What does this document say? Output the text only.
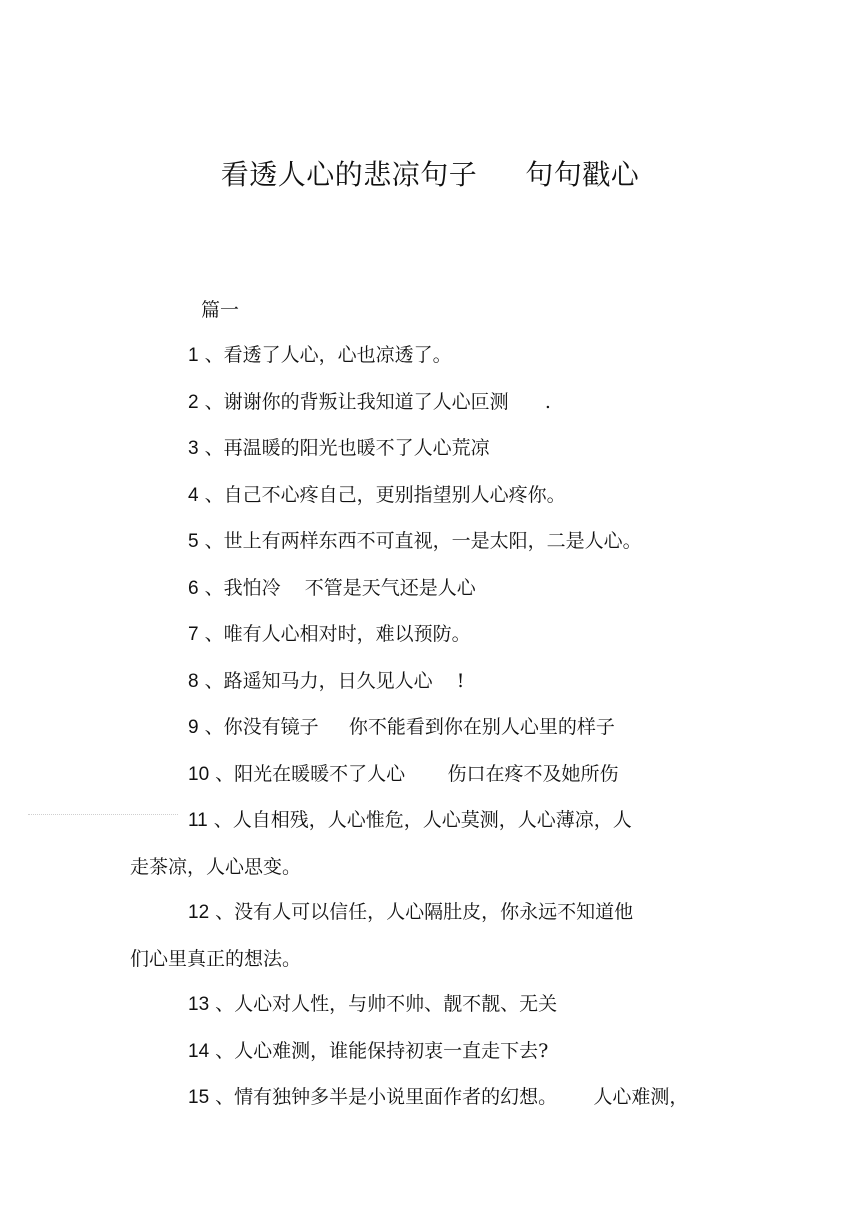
看透人心的悲凉句子 句句戳心
篇一
1 、看透了人心，心也凉透了。
2 、谢谢你的背叛让我知道了人心叵测      .
3 、再温暖的阳光也暖不了人心荒凉
4 、自己不心疼自己，更别指望别人心疼你。
5 、世上有两样东西不可直视，一是太阳，二是人心。
6 、我怕冷    不管是天气还是人心
7 、唯有人心相对时，难以预防。
8 、路遥知马力，日久见人心    !
9 、你没有镜子     你不能看到你在别人心里的样子
10 、阳光在暖暖不了人心       伤口在疼不及她所伤
11 、人自相残，人心惟危，人心莫测，人心薄凉，人
走茶凉，人心思变。
12 、没有人可以信任，人心隔肚皮，你永远不知道他
们心里真正的想法。
13 、人心对人性，与帅不帅、靓不靓、无关
14 、人心难测，谁能保持初衷一直走下去?
15 、情有独钟多半是小说里面作者的幻想。      人心难测，
